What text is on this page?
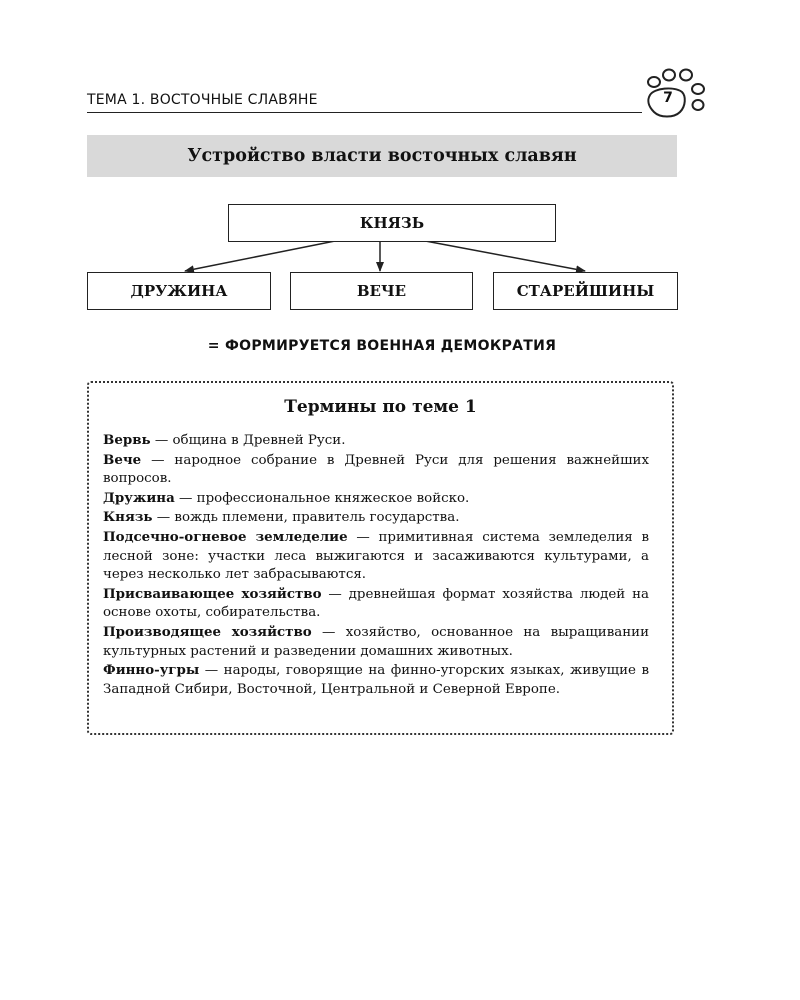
ТЕМА 1. ВОСТОЧНЫЕ СЛАВЯНЕ	7
Устройство власти восточных славян
КНЯЗЬ
ДРУЖИНА	ВЕЧЕ	СТАРЕЙШИНЫ
= ФОРМИРУЕТСЯ ВОЕННАЯ ДЕМОКРАТИЯ
Термины по теме 1

Вервь — община в Древней Руси.

Вече — народное собрание в Древней Руси для решения важнейших вопросов.

Дружина — профессиональное княжеское войско.

Князь — вождь племени, правитель государства.

Подсечно-огневое земледелие — примитивная система земледелия в лесной зоне: участки леса выжигаются и засаживаются культурами, а через несколько лет забрасываются.

Присваивающее хозяйство — древнейшая формат хозяйства людей на основе охоты, собирательства.

Производящее хозяйство — хозяйство, основанное на выращивании культурных растений и разведении домашних животных.

Финно-угры — народы, говорящие на финно-угорских языках, живущие в Западной Сибири, Восточной, Центральной и Северной Европе.
